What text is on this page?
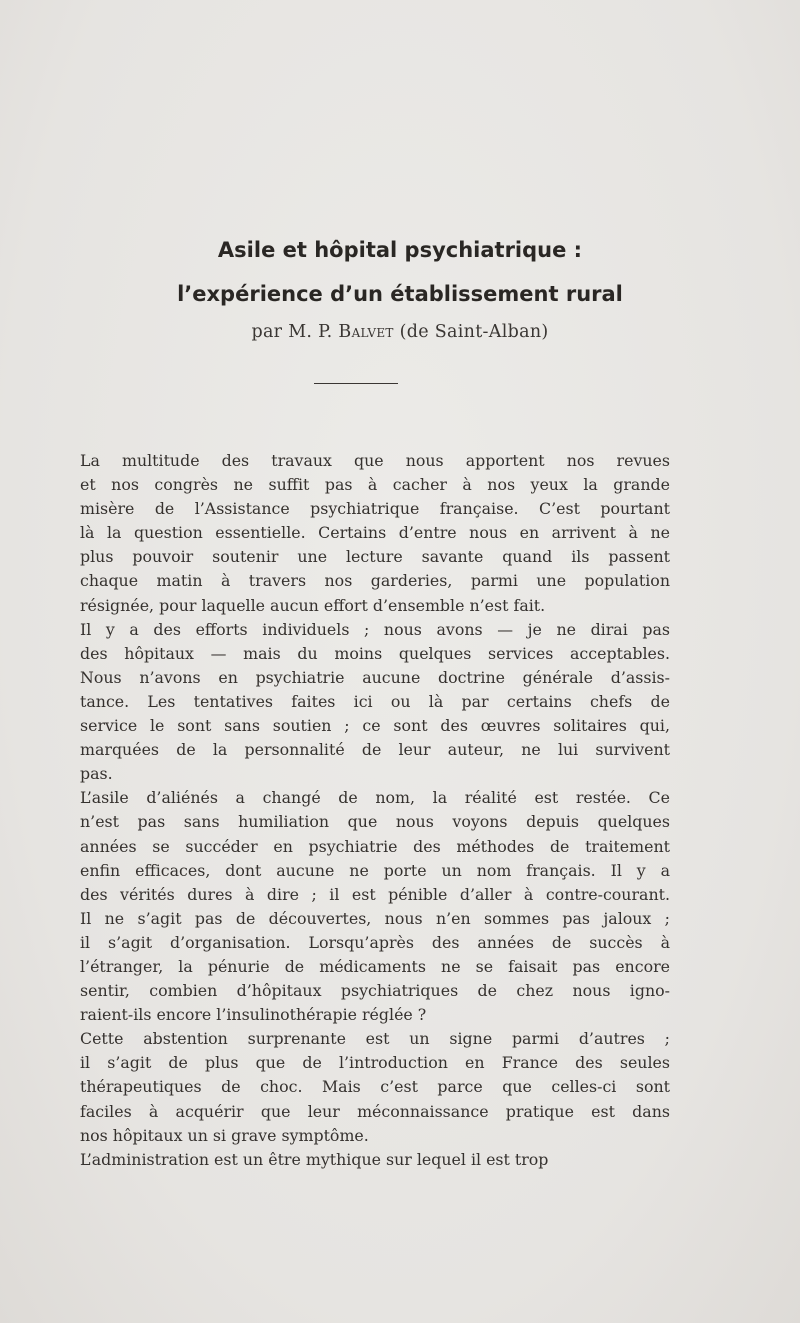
Asile et hôpital psychiatrique :
l’expérience d’un établissement rural
par M. P. Balvet (de Saint-Alban)

La multitude des travaux que nous apportent nos revues
et nos congrès ne suffit pas à cacher à nos yeux la grande
misère de l’Assistance psychiatrique française. C’est pourtant
là la question essentielle. Certains d’entre nous en arrivent à ne
plus pouvoir soutenir une lecture savante quand ils passent
chaque matin à travers nos garderies, parmi une population
résignée, pour laquelle aucun effort d’ensemble n’est fait.

Il y a des efforts individuels ; nous avons — je ne dirai pas
des hôpitaux — mais du moins quelques services acceptables.
Nous n’avons en psychiatrie aucune doctrine générale d’assis-
tance. Les tentatives faites ici ou là par certains chefs de
service le sont sans soutien ; ce sont des œuvres solitaires qui,
marquées de la personnalité de leur auteur, ne lui survivent
pas.

L’asile d’aliénés a changé de nom, la réalité est restée. Ce
n’est pas sans humiliation que nous voyons depuis quelques
années se succéder en psychiatrie des méthodes de traitement
enfin efficaces, dont aucune ne porte un nom français. Il y a
des vérités dures à dire ; il est pénible d’aller à contre-courant.
Il ne s’agit pas de découvertes, nous n’en sommes pas jaloux ;
il s’agit d’organisation. Lorsqu’après des années de succès à
l’étranger, la pénurie de médicaments ne se faisait pas encore
sentir, combien d’hôpitaux psychiatriques de chez nous igno-
raient-ils encore l’insulinothérapie réglée ?

Cette abstention surprenante est un signe parmi d’autres ;
il s’agit de plus que de l’introduction en France des seules
thérapeutiques de choc. Mais c’est parce que celles-ci sont
faciles à acquérir que leur méconnaissance pratique est dans
nos hôpitaux un si grave symptôme.

L’administration est un être mythique sur lequel il est trop
